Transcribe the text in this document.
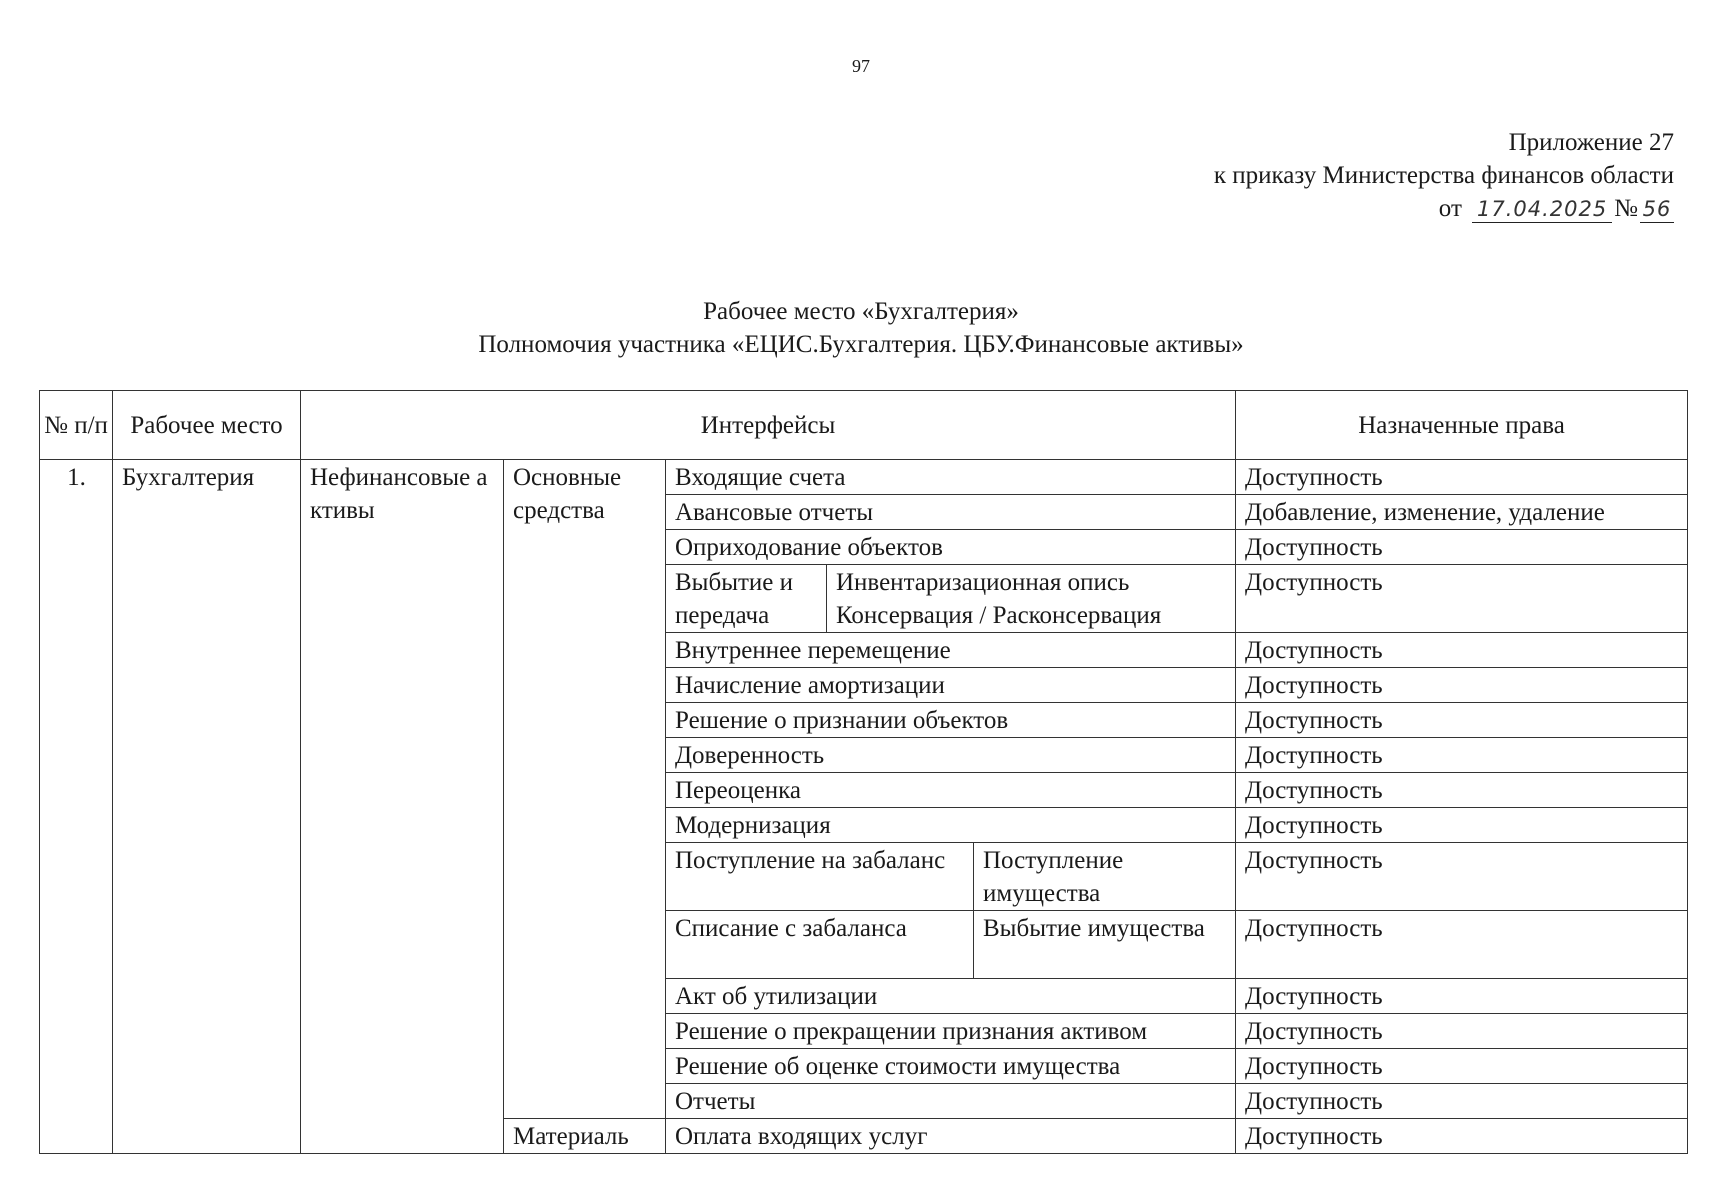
97
Приложение 27
к приказу Министерства финансов области
от 17.04.2025 № 56
Рабочее место «Бухгалтерия»
Полномочия участника «ЕЦИС.Бухгалтерия. ЦБУ.Финансовые активы»
№ п/п	Рабочее место	Интерфейсы					Назначенные права
1.	Бухгалтерия	Нефинансовые активы	Основные средства	Входящие счета			Доступность
				Авансовые отчеты			Добавление, изменение, удаление
				Оприходование объектов			Доступность
				Выбытие и передача	Инвентаризационная опись Консервация / Расконсервация		Доступность
				Внутреннее перемещение			Доступность
				Начисление амортизации			Доступность
				Решение о признании объектов			Доступность
				Доверенность			Доступность
				Переоценка			Доступность
				Модернизация			Доступность
				Поступление на забаланс		Поступление имущества	Доступность
				Списание с забаланса		Выбытие имущества	Доступность
				Акт об утилизации			Доступность
				Решение о прекращении признания активом			Доступность
				Решение об оценке стоимости имущества			Доступность
				Отчеты			Доступность
			Материаль	Оплата входящих услуг			Доступность
